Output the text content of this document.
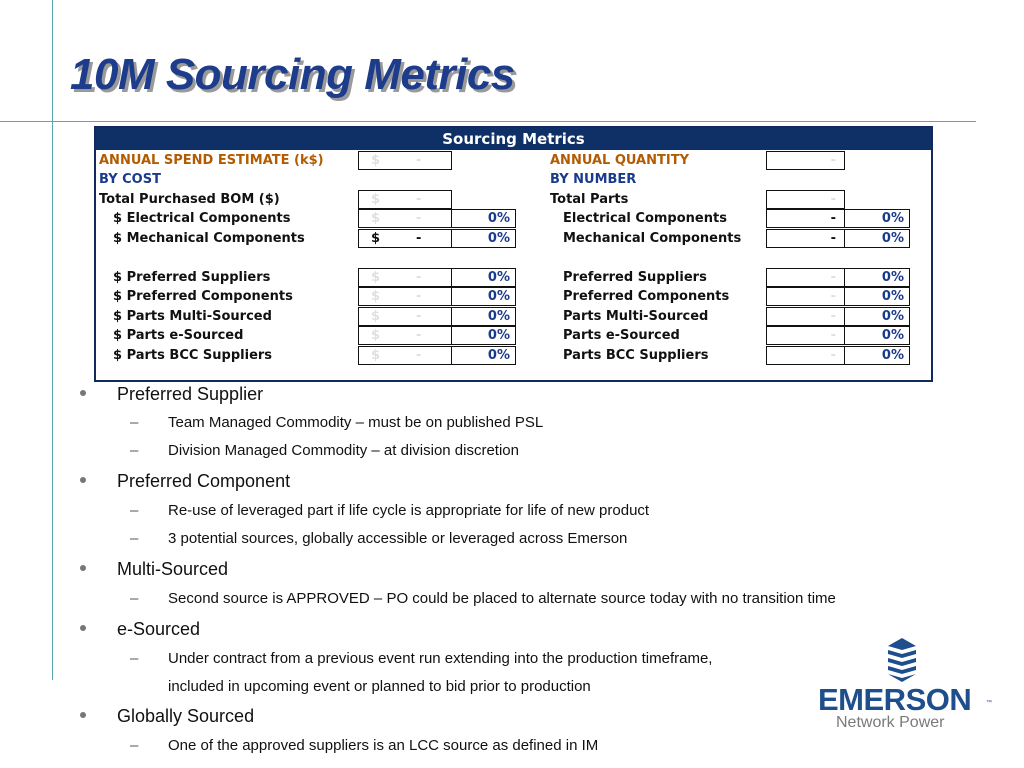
10M Sourcing Metrics
Sourcing Metrics
ANNUAL SPEND ESTIMATE (k$)	$	-
BY COST
Total Purchased BOM ($)	$	-
$ Electrical Components	$	-	0%
$ Mechanical Components	$	-	0%
$ Preferred Suppliers	$	-	0%
$ Preferred Components	$	-	0%
$ Parts Multi-Sourced	$	-	0%
$ Parts e-Sourced	$	-	0%
$ Parts BCC Suppliers	$	-	0%
ANNUAL QUANTITY	-
BY NUMBER
Total Parts	-
Electrical Components	-	0%
Mechanical Components	-	0%
Preferred Suppliers	-	0%
Preferred Components	-	0%
Parts Multi-Sourced	-	0%
Parts e-Sourced	-	0%
Parts BCC Suppliers	-	0%
Preferred Supplier
– Team Managed Commodity – must be on published PSL
– Division Managed Commodity – at division discretion
Preferred Component
– Re-use of leveraged part if life cycle is appropriate for life of new product
– 3 potential sources, globally accessible or leveraged across Emerson
Multi-Sourced
– Second source is APPROVED – PO could be placed to alternate source today with no transition time
e-Sourced
– Under contract from a previous event run extending into the production timeframe,
included in upcoming event or planned to bid prior to production
Globally Sourced
– One of the approved suppliers is an LCC source as defined in IM
EMERSON ™
Network Power
